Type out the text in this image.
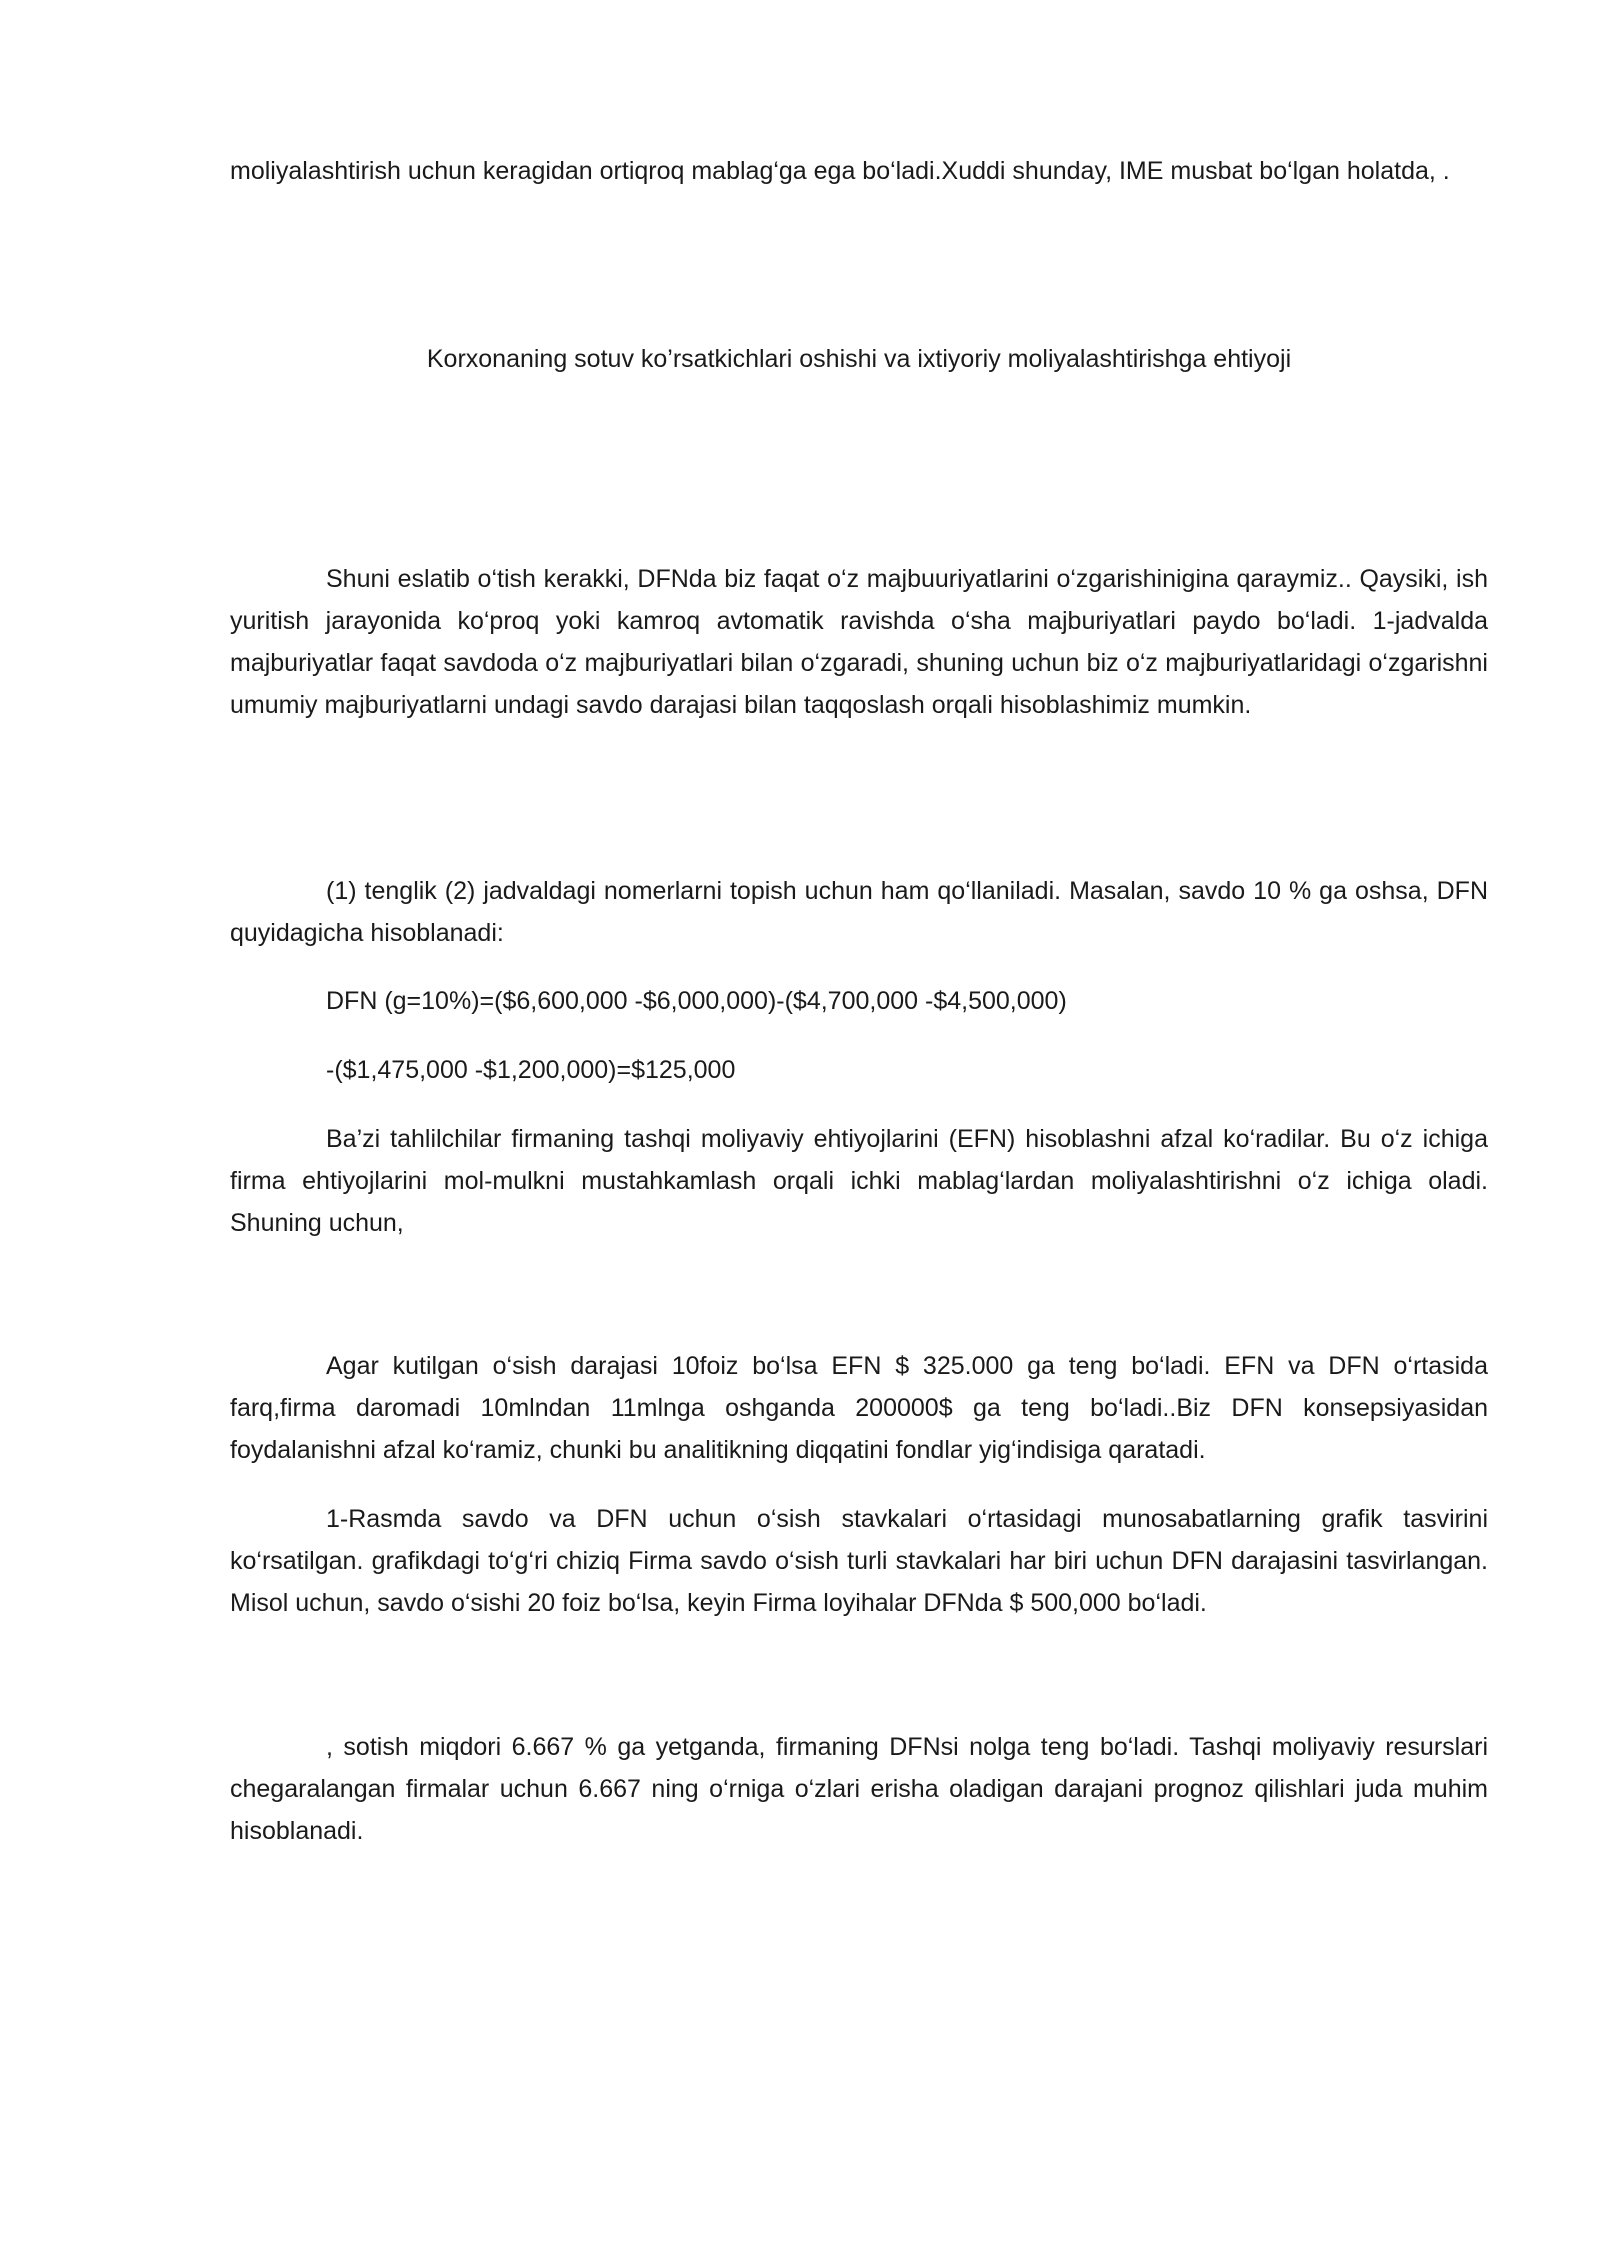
moliyalashtirish uchun keragidan ortiqroq mablag‘ga ega bo‘ladi.Xuddi shunday, IME musbat bo‘lgan holatda, .

Korxonaning sotuv ko’rsatkichlari oshishi va ixtiyoriy moliyalashtirishga ehtiyoji

Shuni eslatib o‘tish kerakki, DFNda biz faqat o‘z majbuuriyatlarini o‘zgarishinigina qaraymiz.. Qaysiki, ish yuritish jarayonida ko‘proq yoki kamroq avtomatik ravishda o‘sha majburiyatlari paydo bo‘ladi. 1-jadvalda majburiyatlar faqat savdoda o‘z majburiyatlari bilan o‘zgaradi, shuning uchun biz o‘z majburiyatlaridagi o‘zgarishni umumiy majburiyatlarni undagi savdo darajasi bilan taqqoslash orqali hisoblashimiz mumkin.

(1) tenglik (2) jadvaldagi nomerlarni topish uchun ham qo‘llaniladi. Masalan, savdo 10 % ga oshsa, DFN quyidagicha hisoblanadi:

DFN (g=10%)=($6,600,000 -$6,000,000)-($4,700,000 -$4,500,000)

-($1,475,000 -$1,200,000)=$125,000

Ba’zi tahlilchilar firmaning tashqi moliyaviy ehtiyojlarini (EFN) hisoblashni afzal ko‘radilar. Bu o‘z ichiga firma ehtiyojlarini mol-mulkni mustahkamlash orqali ichki mablag‘lardan moliyalashtirishni o‘z ichiga oladi. Shuning uchun,

Agar kutilgan o‘sish darajasi 10foiz bo‘lsa EFN $ 325.000 ga teng bo‘ladi. EFN va DFN o‘rtasida farq,firma daromadi 10mlndan 11mlnga oshganda 200000$ ga teng bo‘ladi..Biz DFN konsepsiyasidan foydalanishni afzal ko‘ramiz, chunki bu analitikning diqqatini fondlar yig‘indisiga qaratadi.

1-Rasmda savdo va DFN uchun o‘sish stavkalari o‘rtasidagi munosabatlarning grafik tasvirini ko‘rsatilgan. grafikdagi to‘g‘ri chiziq Firma savdo o‘sish turli stavkalari har biri uchun DFN darajasini tasvirlangan. Misol uchun, savdo o‘sishi 20 foiz bo‘lsa, keyin Firma loyihalar DFNda $ 500,000 bo‘ladi.

, sotish miqdori 6.667 % ga yetganda, firmaning DFNsi nolga teng bo‘ladi. Tashqi moliyaviy resurslari chegaralangan firmalar uchun 6.667 ning o‘rniga o‘zlari erisha oladigan darajani prognoz qilishlari juda muhim hisoblanadi.
